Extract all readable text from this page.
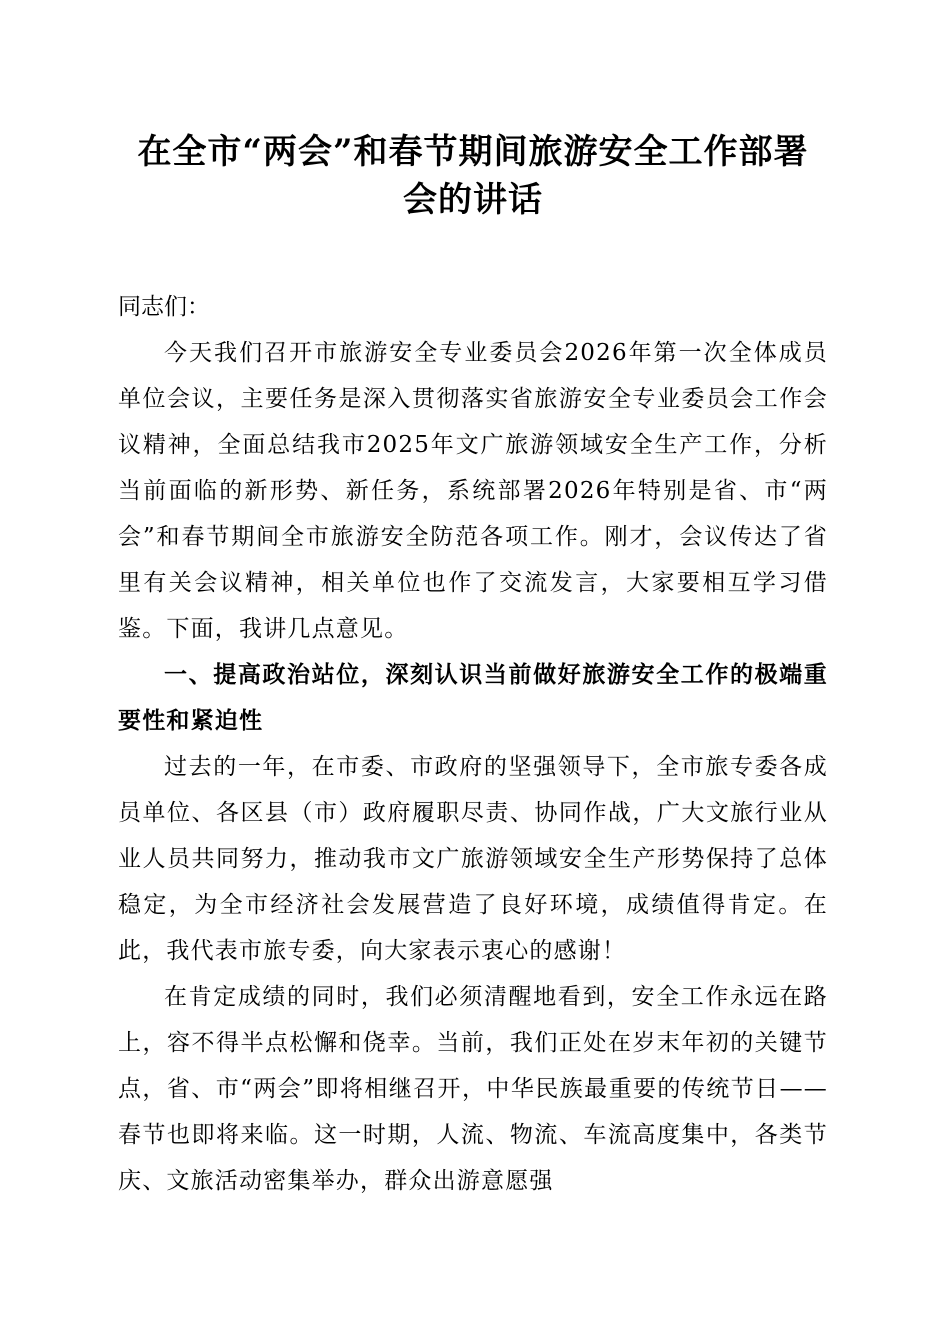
在全市“两会”和春节期间旅游安全工作部署
会的讲话

同志们：

今天我们召开市旅游安全专业委员会2026年第一次全体成员单位会议，主要任务是深入贯彻落实省旅游安全专业委员会工作会议精神，全面总结我市2025年文广旅游领域安全生产工作，分析当前面临的新形势、新任务，系统部署2026年特别是省、市“两会”和春节期间全市旅游安全防范各项工作。刚才，会议传达了省里有关会议精神，相关单位也作了交流发言，大家要相互学习借鉴。下面，我讲几点意见。

一、提高政治站位，深刻认识当前做好旅游安全工作的极端重要性和紧迫性

过去的一年，在市委、市政府的坚强领导下，全市旅专委各成员单位、各区县（市）政府履职尽责、协同作战，广大文旅行业从业人员共同努力，推动我市文广旅游领域安全生产形势保持了总体稳定，为全市经济社会发展营造了良好环境，成绩值得肯定。在此，我代表市旅专委，向大家表示衷心的感谢！

在肯定成绩的同时，我们必须清醒地看到，安全工作永远在路上，容不得半点松懈和侥幸。当前，我们正处在岁末年初的关键节点，省、市“两会”即将相继召开，中华民族最重要的传统节日——春节也即将来临。这一时期，人流、物流、车流高度集中，各类节庆、文旅活动密集举办，群众出游意愿强
